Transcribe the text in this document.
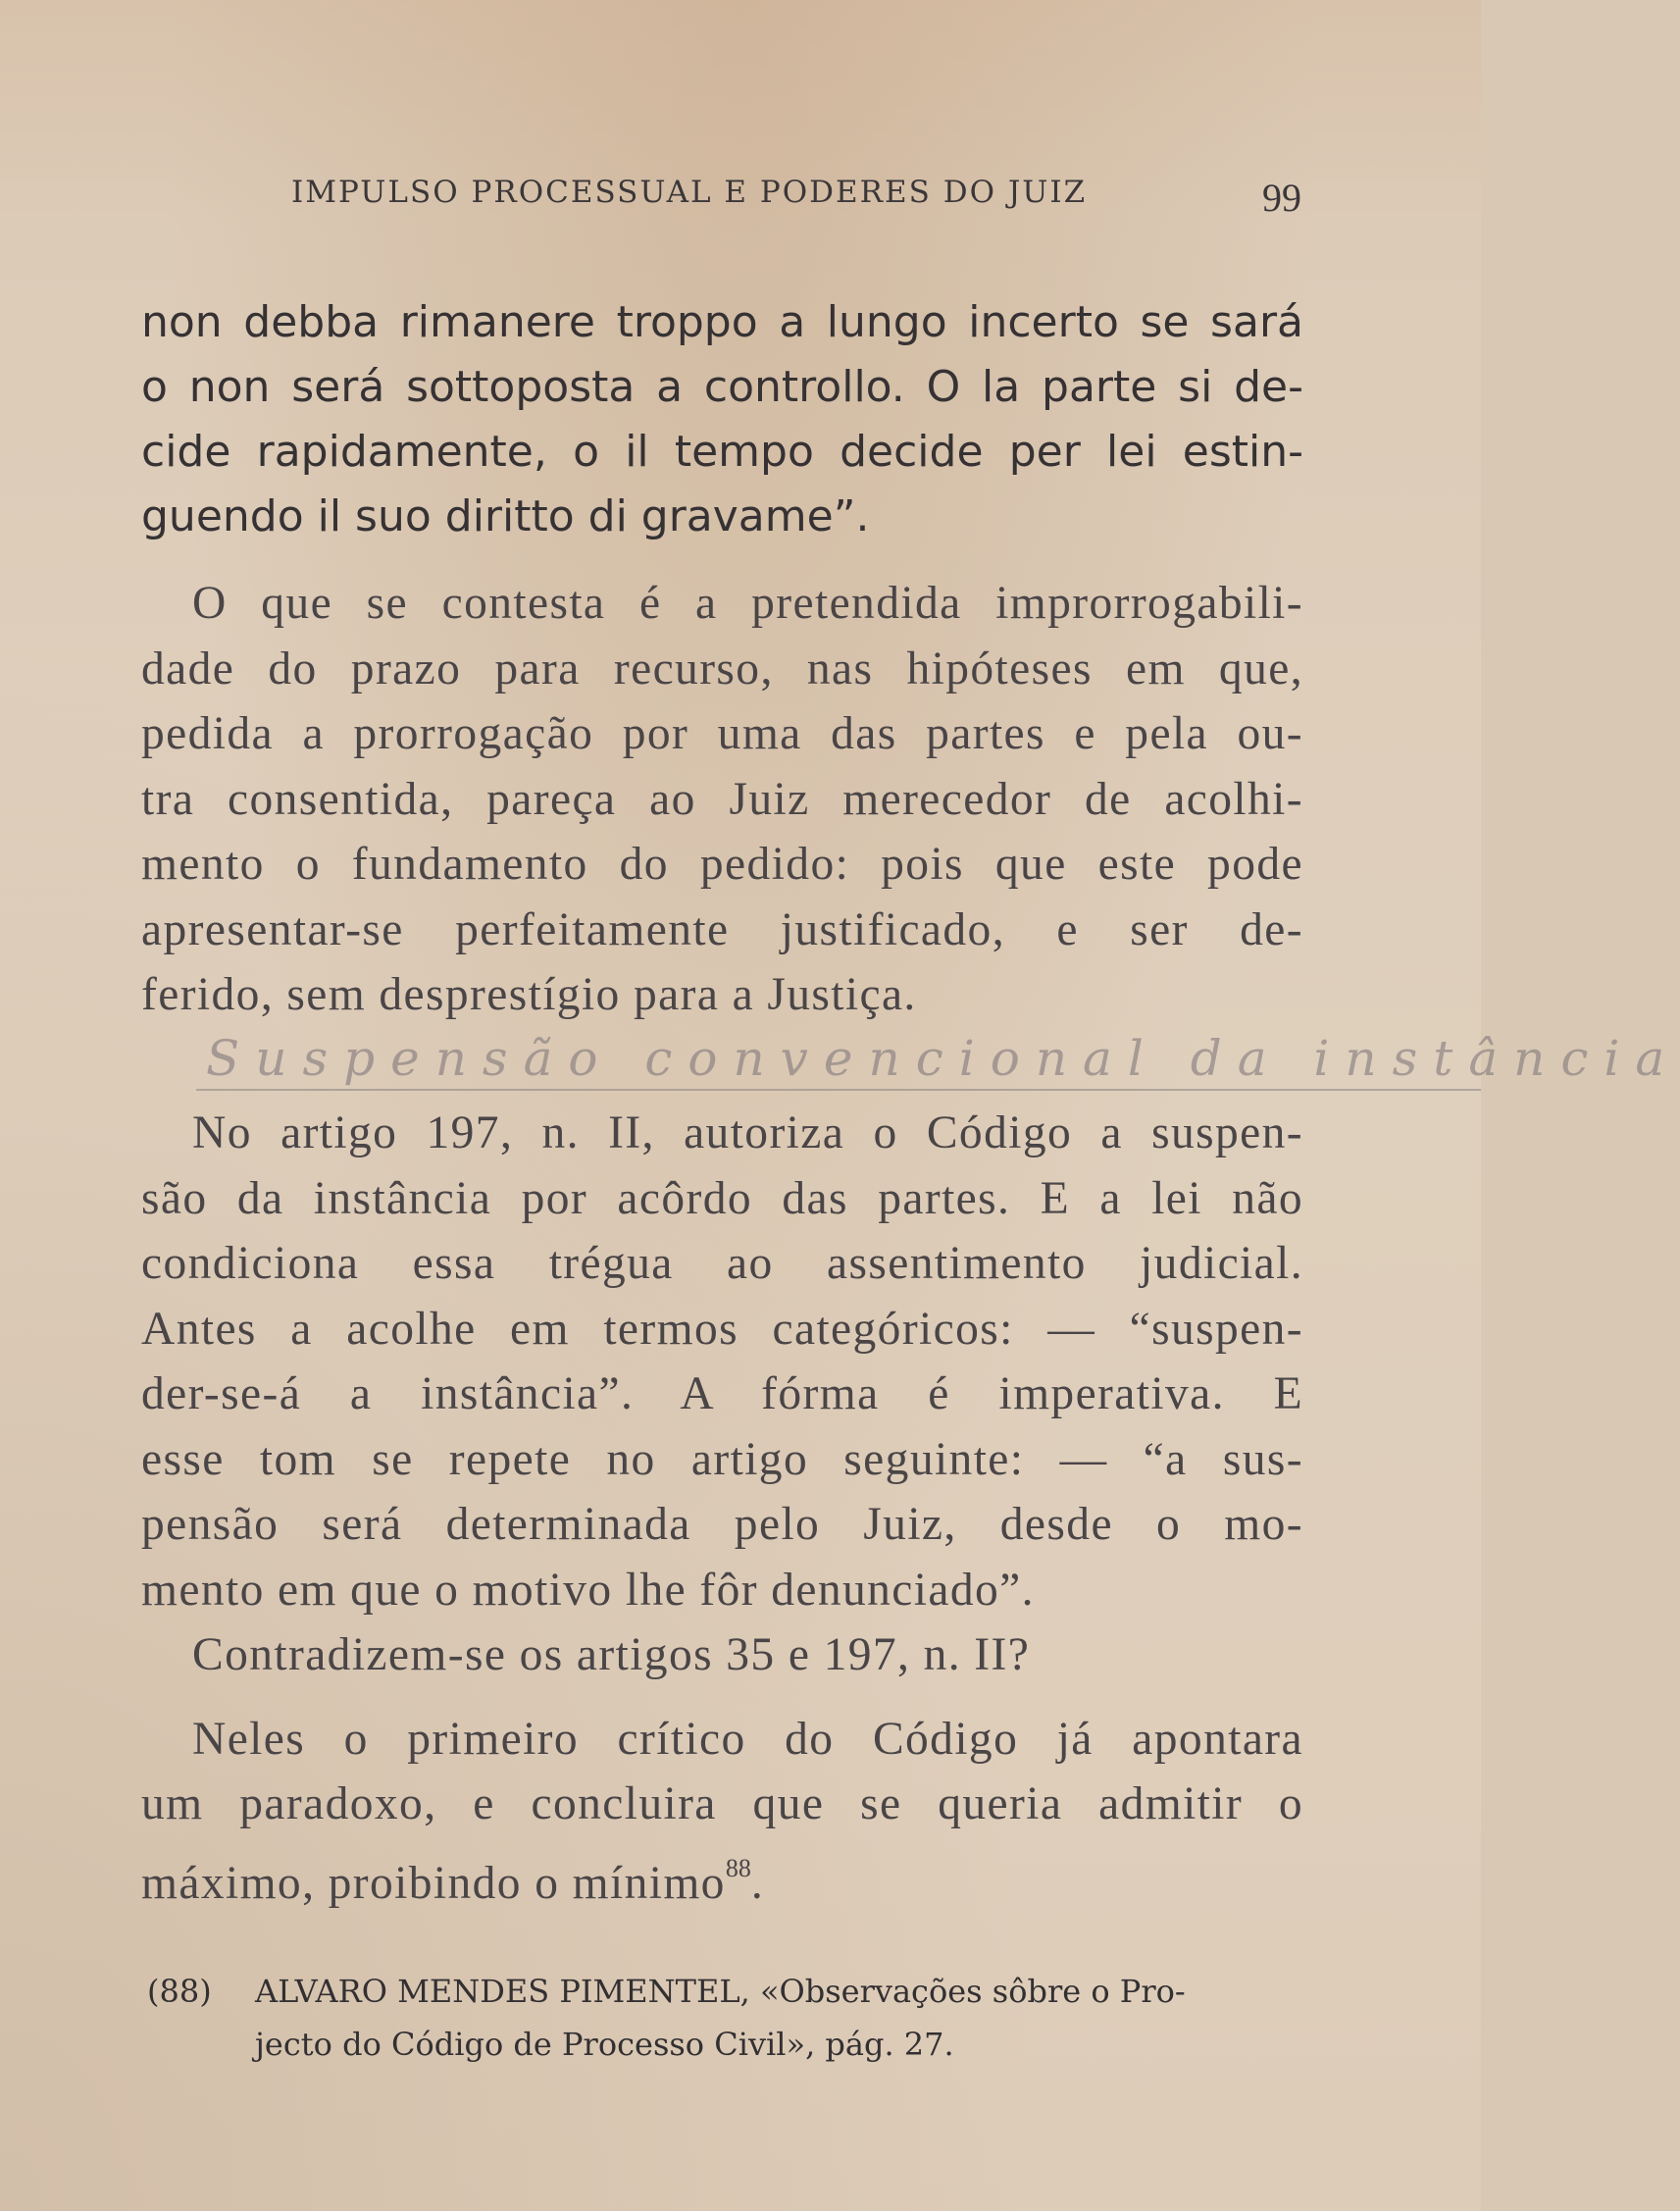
IMPULSO PROCESSUAL E PODERES DO JUIZ	99
non debba rimanere troppo a lungo incerto se sará
o non será sottoposta a controllo. O la parte si de-
cide rapidamente, o il tempo decide per lei estin-
guendo il suo diritto di gravame”.
O que se contesta é a pretendida improrrogabili-
dade do prazo para recurso, nas hipóteses em que,
pedida a prorrogação por uma das partes e pela ou-
tra consentida, pareça ao Juiz merecedor de acolhi-
mento o fundamento do pedido: pois que este pode
apresentar-se perfeitamente justificado, e ser de-
ferido, sem desprestígio para a Justiça.
Suspensão convencional da instância
No artigo 197, n. II, autoriza o Código a suspen-
são da instância por acôrdo das partes. E a lei não
condiciona essa trégua ao assentimento judicial.
Antes a acolhe em termos categóricos: — “suspen-
der-se-á a instância”. A fórma é imperativa. E
esse tom se repete no artigo seguinte: — “a sus-
pensão será determinada pelo Juiz, desde o mo-
mento em que o motivo lhe fôr denunciado”.
Contradizem-se os artigos 35 e 197, n. II?
Neles o primeiro crítico do Código já apontara
um paradoxo, e concluira que se queria admitir o
máximo, proibindo o mínimo$^{88}$.
(88) ALVARO MENDES PIMENTEL, «Observações sôbre o Pro-
jecto do Código de Processo Civil», pág. 27.
